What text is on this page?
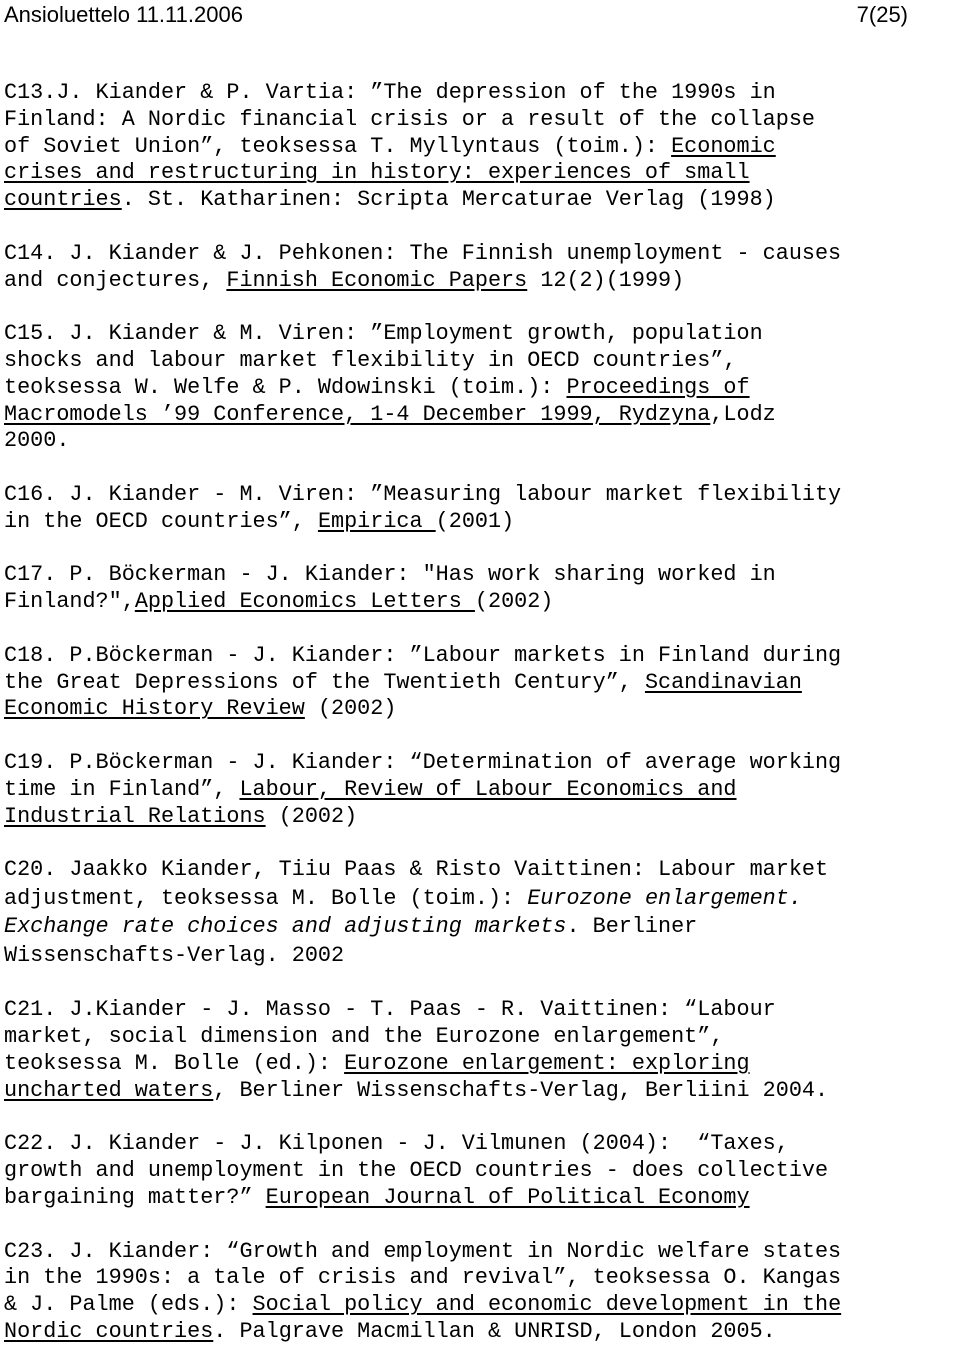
Ansioluettelo 11.11.2006	7(25)
C13.J. Kiander & P. Vartia: ”The depression of the 1990s in
Finland: A Nordic financial crisis or a result of the collapse
of Soviet Union”, teoksessa T. Myllyntaus (toim.): Economic
crises and restructuring in history: experiences of small
countries. St. Katharinen: Scripta Mercaturae Verlag (1998)
C14. J. Kiander & J. Pehkonen: The Finnish unemployment - causes
and conjectures, Finnish Economic Papers 12(2)(1999)
C15. J. Kiander & M. Viren: ”Employment growth, population
shocks and labour market flexibility in OECD countries”,
teoksessa W. Welfe & P. Wdowinski (toim.): Proceedings of
Macromodels ’99 Conference, 1-4 December 1999, Rydzyna,Lodz
2000.
C16. J. Kiander - M. Viren: ”Measuring labour market flexibility
in the OECD countries”, Empirica (2001)
C17. P. Böckerman - J. Kiander: "Has work sharing worked in
Finland?",Applied Economics Letters (2002)
C18. P.Böckerman - J. Kiander: ”Labour markets in Finland during
the Great Depressions of the Twentieth Century”, Scandinavian
Economic History Review (2002)
C19. P.Böckerman - J. Kiander: “Determination of average working
time in Finland”, Labour, Review of Labour Economics and
Industrial Relations (2002)
C20. Jaakko Kiander, Tiiu Paas & Risto Vaittinen: Labour market
adjustment, teoksessa M. Bolle (toim.): Eurozone enlargement.
Exchange rate choices and adjusting markets. Berliner
Wissenschafts-Verlag. 2002
C21. J.Kiander - J. Masso - T. Paas - R. Vaittinen: “Labour
market, social dimension and the Eurozone enlargement”,
teoksessa M. Bolle (ed.): Eurozone enlargement: exploring
uncharted waters, Berliner Wissenschafts-Verlag, Berliini 2004.
C22. J. Kiander - J. Kilponen - J. Vilmunen (2004):  “Taxes,
growth and unemployment in the OECD countries - does collective
bargaining matter?” European Journal of Political Economy
C23. J. Kiander: “Growth and employment in Nordic welfare states
in the 1990s: a tale of crisis and revival”, teoksessa O. Kangas
& J. Palme (eds.): Social policy and economic development in the
Nordic countries. Palgrave Macmillan & UNRISD, London 2005.
